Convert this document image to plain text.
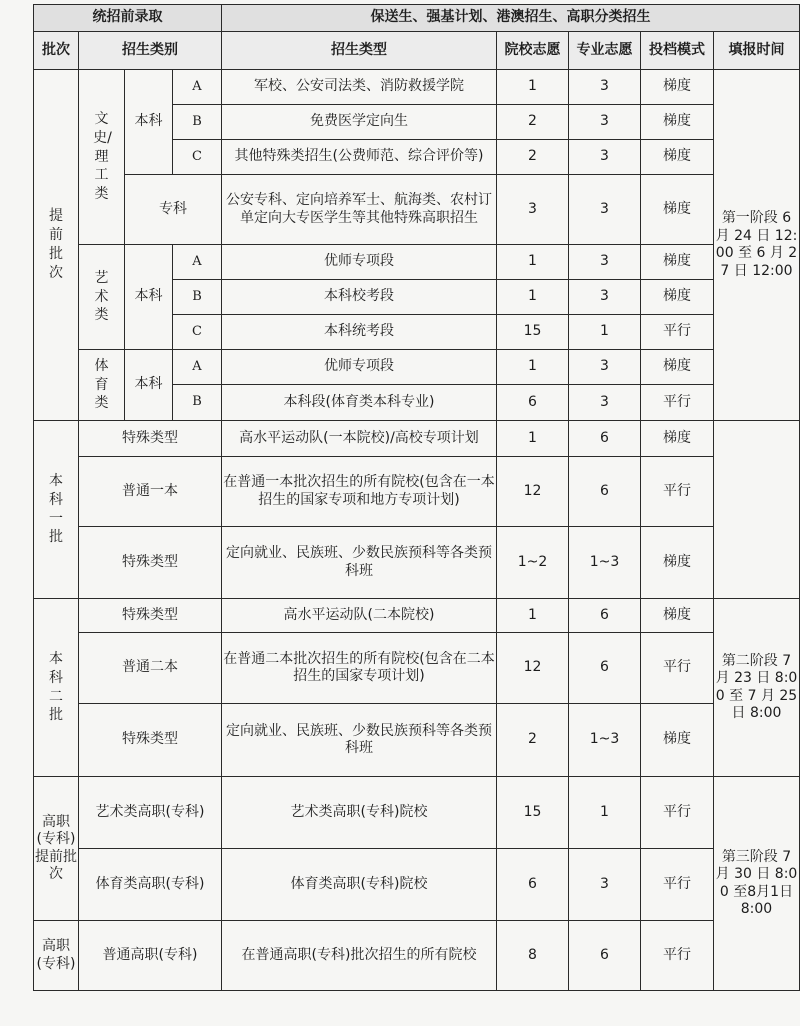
统招前录取				保送生、强基计划、港澳招生、高职分类招生				
批次	招生类别			招生类型	院校志愿	专业志愿	投档模式	填报时间
提前批次	文史/理工类	本科	A	军校、公安司法类、消防救援学院	1	3	梯度	第一阶段 6 月 24 日 12:00 至 6 月 27 日 12:00
			B	免费医学定向生	2	3	梯度	
			C	其他特殊类招生(公费师范、综合评价等)	2	3	梯度	
		专科		公安专科、定向培养军士、航海类、农村订单定向大专医学生等其他特殊高职招生	3	3	梯度	
	艺术类	本科	A	优师专项段	1	3	梯度	
			B	本科校考段	1	3	梯度	
			C	本科统考段	15	1	平行	
	体育类	本科	A	优师专项段	1	3	梯度	
			B	本科段(体育类本科专业)	6	3	平行	
本科一批	特殊类型			高水平运动队(一本院校)/高校专项计划	1	6	梯度	
	普通一本			在普通一本批次招生的所有院校(包含在一本招生的国家专项和地方专项计划)	12	6	平行	
	特殊类型			定向就业、民族班、少数民族预科等各类预科班	1~2	1~3	梯度	
本科二批	特殊类型			高水平运动队(二本院校)	1	6	梯度	第二阶段 7 月 23 日 8:00 至 7 月 25 日 8:00
	普通二本			在普通二本批次招生的所有院校(包含在二本招生的国家专项计划)	12	6	平行	
	特殊类型			定向就业、民族班、少数民族预科等各类预科班	2	1~3	梯度	
高职(专科)提前批次	艺术类高职(专科)			艺术类高职(专科)院校	15	1	平行	第三阶段 7 月 30 日 8:00 至8月1日8:00
	体育类高职(专科)			体育类高职(专科)院校	6	3	平行	
高职(专科)	普通高职(专科)			在普通高职(专科)批次招生的所有院校	8	6	平行	
